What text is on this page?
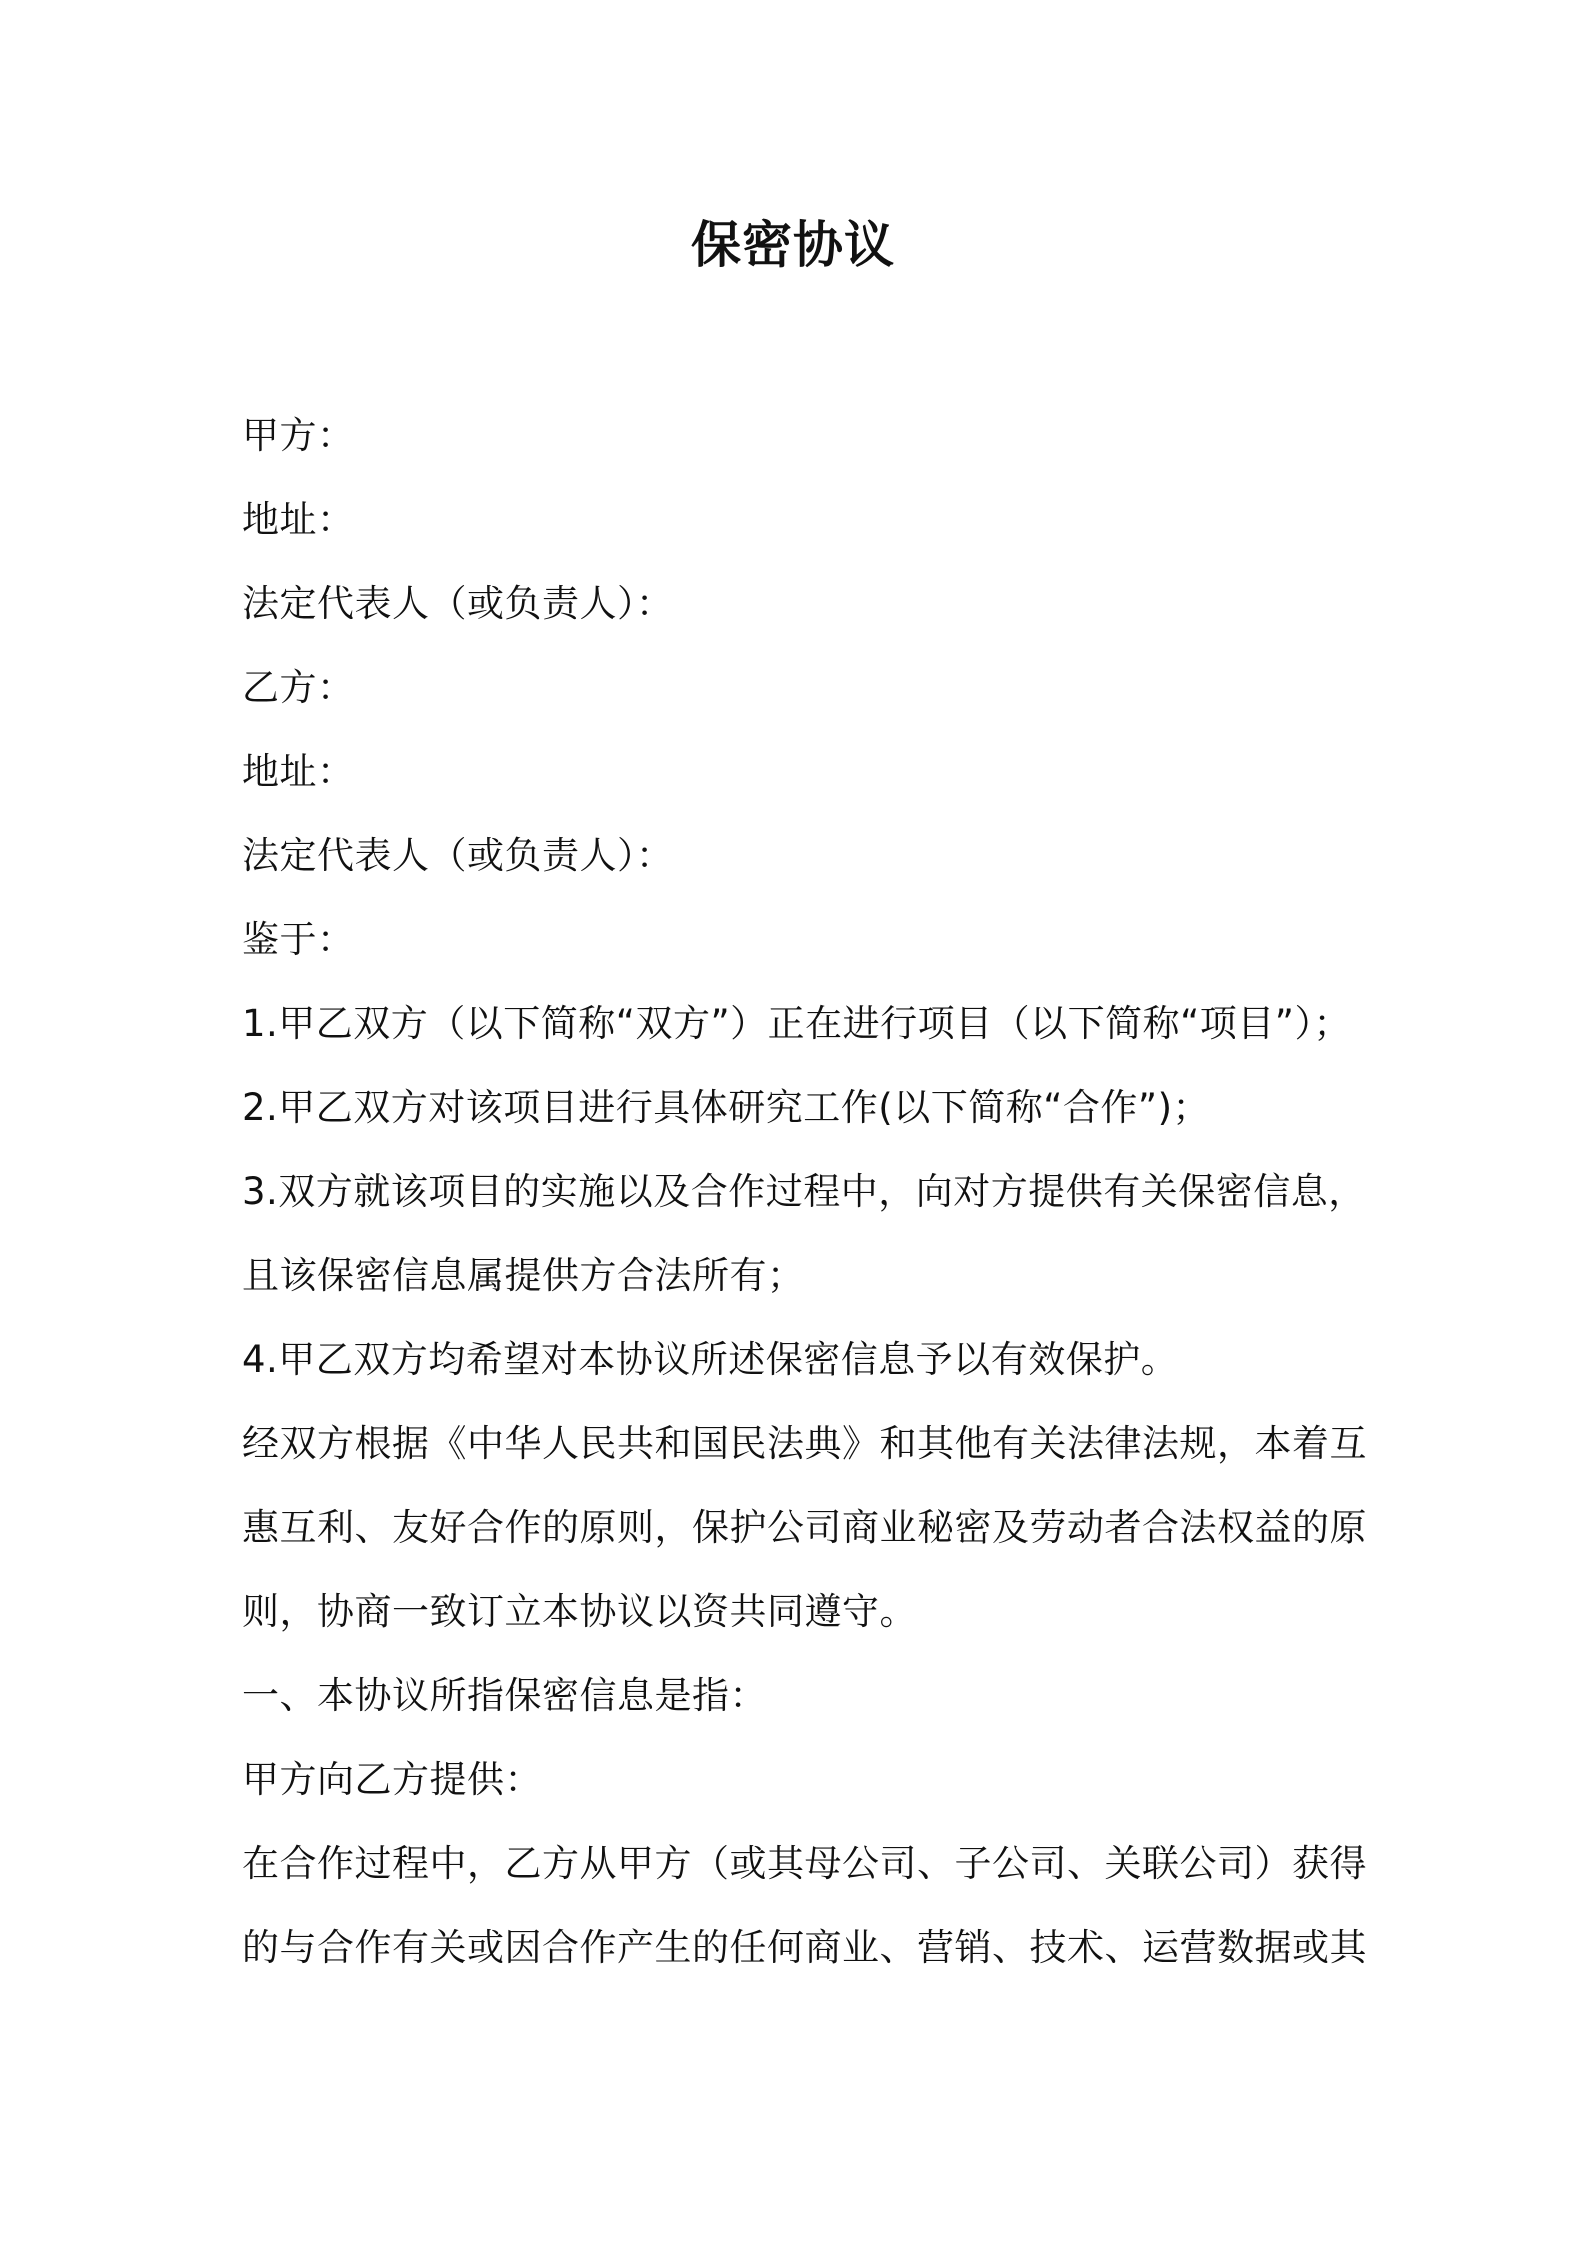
保密协议
甲方：
地址：
法定代表人（或负责人）：
乙方：
地址：
法定代表人（或负责人）：
鉴于：
1.甲乙双方（以下简称“双方”）正在进行项目（以下简称“项目”）；
2.甲乙双方对该项目进行具体研究工作(以下简称“合作”)；
3.双方就该项目的实施以及合作过程中，向对方提供有关保密信息，
且该保密信息属提供方合法所有；
4.甲乙双方均希望对本协议所述保密信息予以有效保护。
经双方根据《中华人民共和国民法典》和其他有关法律法规，本着互
惠互利、友好合作的原则，保护公司商业秘密及劳动者合法权益的原
则，协商一致订立本协议以资共同遵守。
一、本协议所指保密信息是指：
甲方向乙方提供：
在合作过程中，乙方从甲方（或其母公司、子公司、关联公司）获得
的与合作有关或因合作产生的任何商业、营销、技术、运营数据或其
